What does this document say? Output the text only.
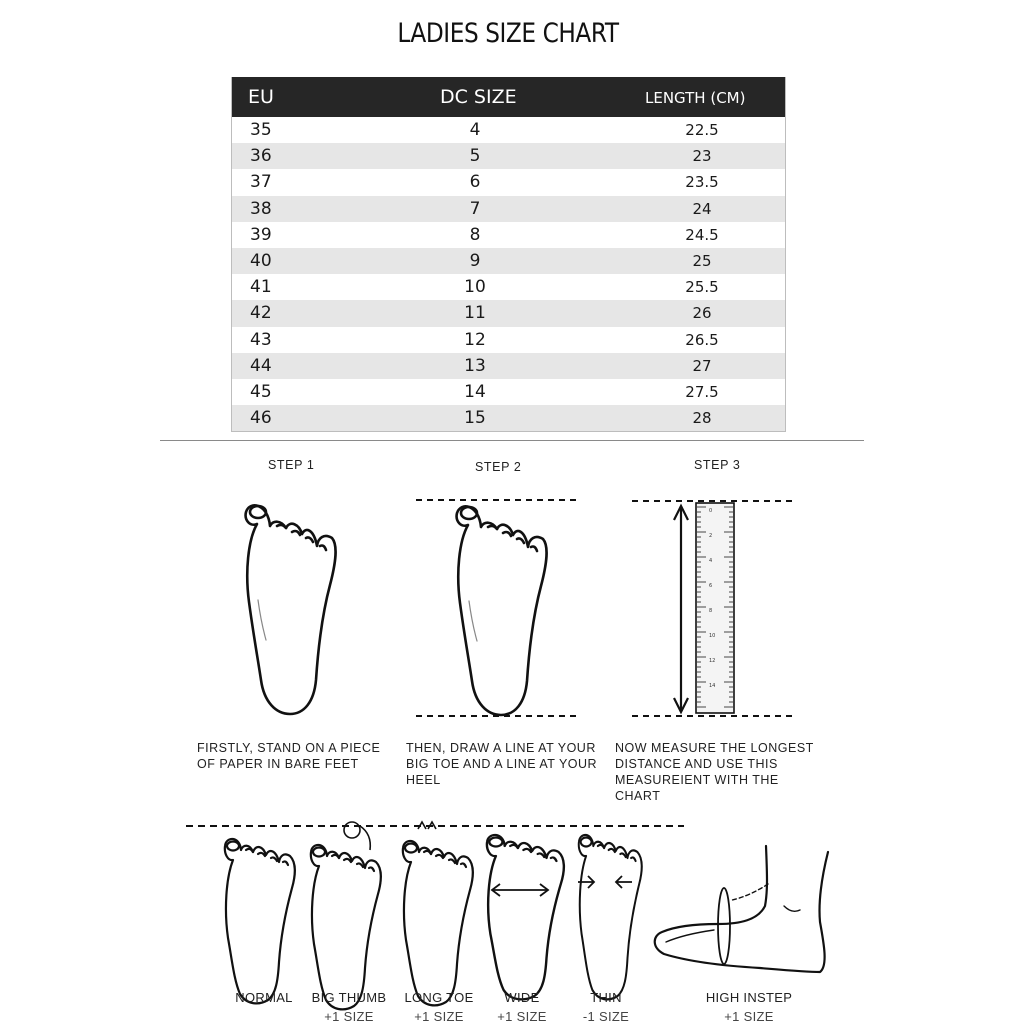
LADIES SIZE CHART
EU	DC SIZE	LENGTH (CM)
35	4	22.5
36	5	23
37	6	23.5
38	7	24
39	8	24.5
40	9	25
41	10	25.5
42	11	26
43	12	26.5
44	13	27
45	14	27.5
46	15	28
STEP 1	STEP 2	STEP 3
0
2
4
6
8
10
12
14
FIRSTLY, STAND ON A PIECE
OF PAPER IN BARE FEET
THEN, DRAW A LINE AT YOUR
BIG TOE AND A LINE AT YOUR
HEEL
NOW MEASURE THE LONGEST
DISTANCE AND USE THIS
MEASUREIENT WITH THE
CHART
NORMAL	BIG THUMB
+1 SIZE
LONG TOE
+1 SIZE
WIDE
+1 SIZE
THIN
-1 SIZE
HIGH INSTEP
+1 SIZE
